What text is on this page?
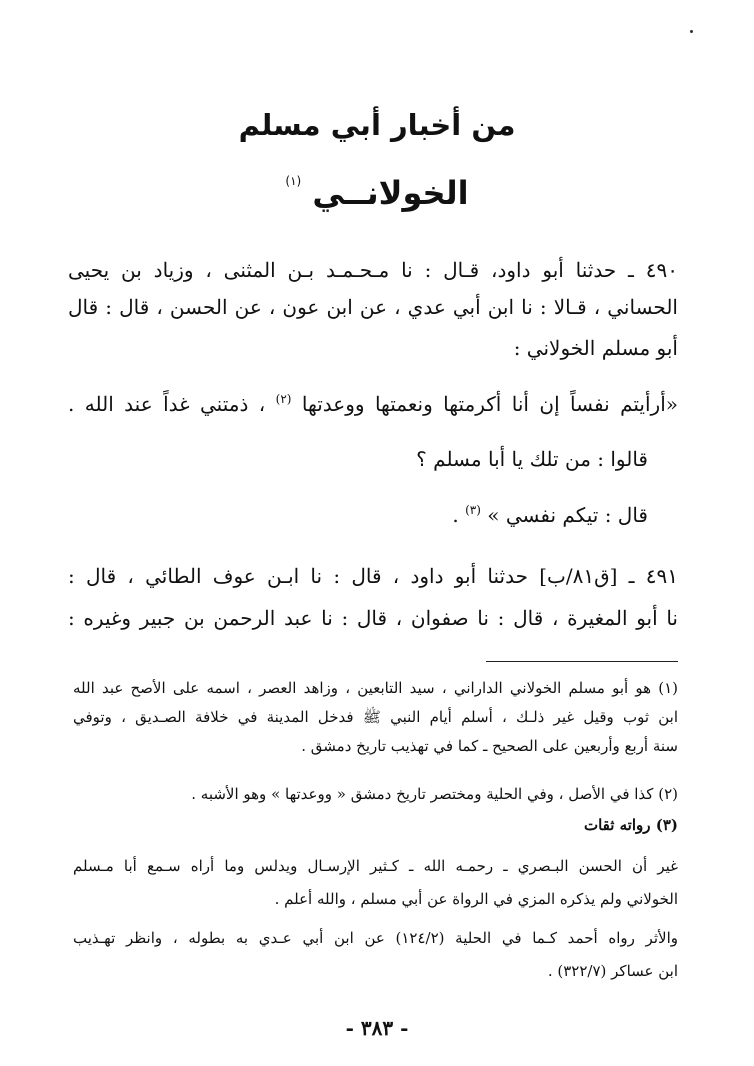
من أخبار أبي مسلم
الخولانــي $^{(١)}$
٤٩٠ ـ حدثنا أبو داود، قـال : نا مـحـمـد بـن المثنى ، وزياد بن يحيى
الحساني ، قـالا : نا ابن أبي عدي ، عن ابن عون ، عن الحسن ، قال : قال
أبو مسلم الخولاني :
«أرأيتم نفساً إن أنا أكرمتها ونعمتها ووعدتها $^{(٢)}$ ، ذمتني غداً عند الله .
قالوا : من تلك يا أبا مسلم ؟
قال : تيكم نفسي » $^{(٣)}$ .
٤٩١ ـ [ق٨١/ب] حدثنا أبو داود ، قال : نا ابـن عوف الطائي ، قال :
نا أبو المغيرة ، قال : نا صفوان ، قال : نا عبد الرحمن بن جبير وغيره :
(١) هو أبو مسلم الخولاني الداراني ، سيد التابعين ، وزاهد العصر ، اسمه على الأصح عبد الله
ابن ثوب وقيل غير ذلـك ، أسلم أيام النبي ﷺ فدخل المدينة في خلافة الصـديق ، وتوفي
سنة أربع وأربعين على الصحيح ـ كما في تهذيب تاريخ دمشق .
(٢) كذا في الأصل ، وفي الحلية ومختصر تاريخ دمشق « ووعدتها » وهو الأشبه .
(٣) رواته ثقات
غير أن الحسن البـصري ـ رحمـه الله ـ كـثير الإرسـال ويدلس وما أراه سـمع أبا مـسلم
الخولاني ولم يذكره المزي في الرواة عن أبي مسلم ، والله أعلم .
والأثر رواه أحمد كـما في الحلية (١٢٤/٢) عن ابن أبي عـدي به بطوله ، وانظر تهـذيب
ابن عساكر (٣٢٢/٧) .
- ٣٨٣ -
